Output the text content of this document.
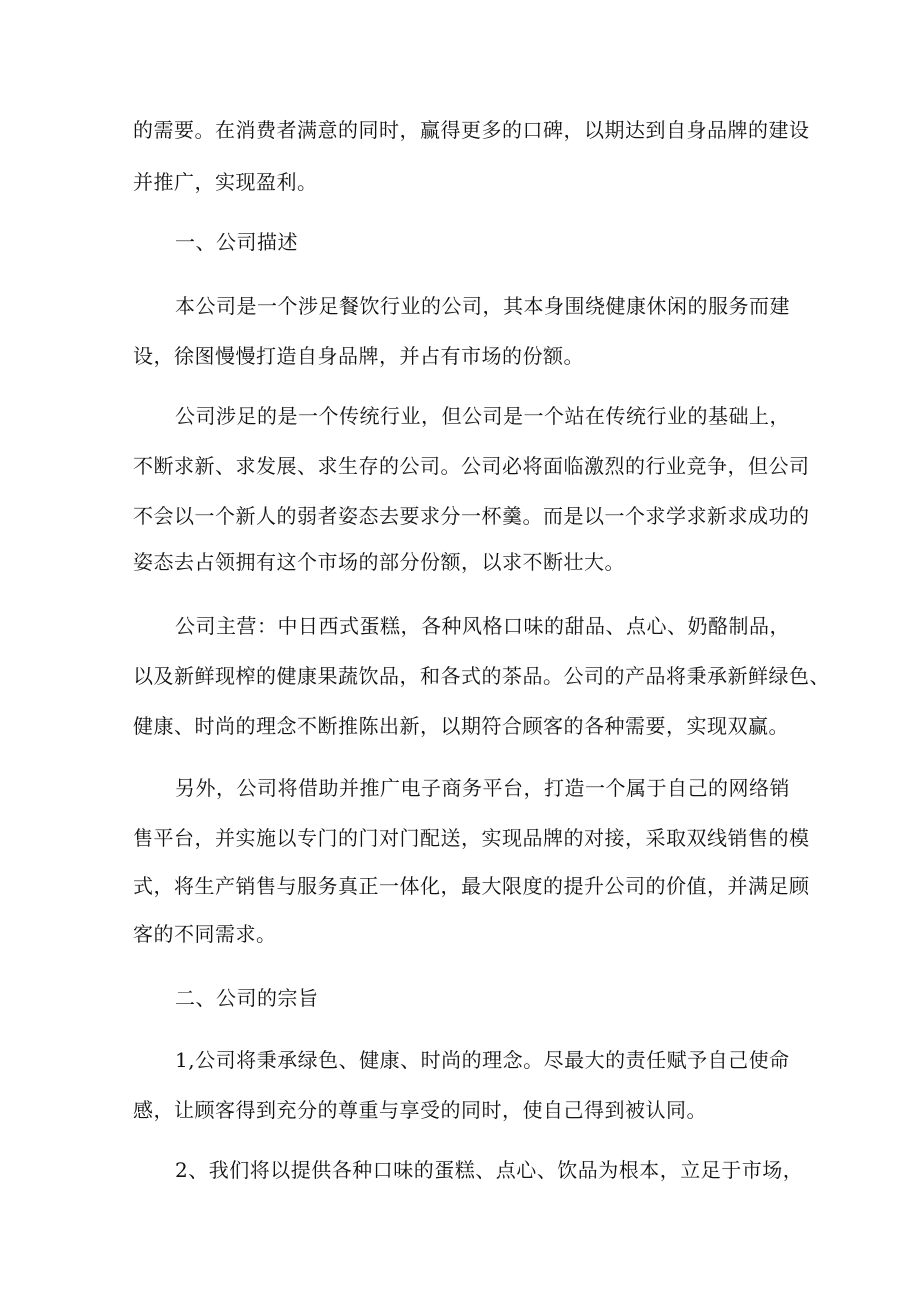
的需要。在消费者满意的同时，赢得更多的口碑，以期达到自身品牌的建设
并推广，实现盈利。
一、公司描述
本公司是一个涉足餐饮行业的公司，其本身围绕健康休闲的服务而建
设，徐图慢慢打造自身品牌，并占有市场的份额。
公司涉足的是一个传统行业，但公司是一个站在传统行业的基础上，
不断求新、求发展、求生存的公司。公司必将面临激烈的行业竞争，但公司
不会以一个新人的弱者姿态去要求分一杯羹。而是以一个求学求新求成功的
姿态去占领拥有这个市场的部分份额，以求不断壮大。
公司主营：中日西式蛋糕，各种风格口味的甜品、点心、奶酪制品，
以及新鲜现榨的健康果蔬饮品，和各式的茶品。公司的产品将秉承新鲜绿色、
健康、时尚的理念不断推陈出新，以期符合顾客的各种需要，实现双赢。
另外，公司将借助并推广电子商务平台，打造一个属于自己的网络销
售平台，并实施以专门的门对门配送，实现品牌的对接，采取双线销售的模
式，将生产销售与服务真正一体化，最大限度的提升公司的价值，并满足顾
客的不同需求。
二、公司的宗旨
1,公司将秉承绿色、健康、时尚的理念。尽最大的责任赋予自己使命
感，让顾客得到充分的尊重与享受的同时，使自己得到被认同。
2、我们将以提供各种口味的蛋糕、点心、饮品为根本，立足于市场，
